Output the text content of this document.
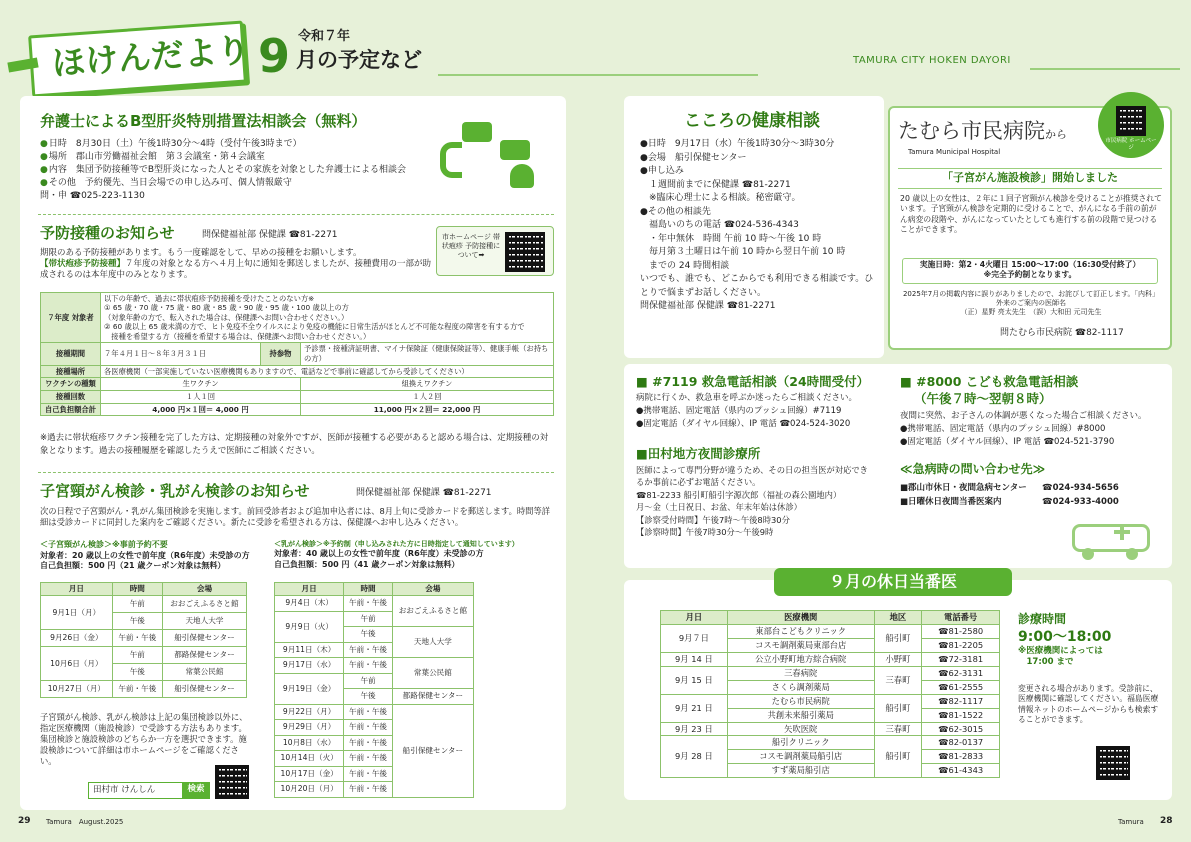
ほけんだより 9 令和７年
月の予定など	TAMURA CITY HOKEN DAYORI
弁護士によるB型肝炎特別措置法相談会（無料）
● 日時　8月30日（土）午後1時30分～4時（受付午後3時まで）
● 場所　郡山市労働福祉会館　第３会議室・第４会議室
● 内容　集団予防接種等でB型肝炎になった人とその家族を対象とした弁護士による相談会
● その他　予約優先、当日会場での申し込み可、個人情報厳守
問・申 ☎025-223-1130
予防接種のお知らせ	問保健福祉部 保健課 ☎81-2271	市ホームページ 帯状疱疹 予防接種に ついて➡
期限のある予防接種があります。もう一度確認をして、早めの接種をお願いします。
【帯状疱疹予防接種】７年度の対象となる方へ４月上旬に通知を郵送しましたが、接種費用の一部が助成されるのは本年度中のみとなります。
７年度 対象者	以下の年齢で、過去に帯状疱疹予防接種を受けたことのない方※
① 65 歳・70 歳・75 歳・80 歳・85 歳・90 歳・95 歳・100 歳以上の方
（対象年齢の方で、転入された場合は、保健課へお問い合わせください。）
② 60 歳以上 65 歳未満の方で、ヒト免疫不全ウイルスにより免疫の機能に日常生活がほとんど不可能な程度の障害を有する方で
　接種を希望する方（接種を希望する場合は、保健課へお問い合わせください。）		

接種期間	７年４月１日～８年３月３１日	持参物	予診票・接種済証明書、マイナ保険証（健康保険証等）、健康手帳（お持ちの方）
接種場所	各医療機関（一部実施していない医療機関もありますので、電話などで事前に確認してから受診してください）		
ワクチンの種類	生ワクチン		組換えワクチン
接種回数	１人１回		１人２回
自己負担額合計	4,000 円×１回＝ 4,000 円		11,000 円×２回＝ 22,000 円
※過去に帯状疱疹ワクチン接種を完了した方は、定期接種の対象外ですが、医師が接種する必要があると認める場合は、定期接種の対象となります。過去の接種履歴を確認したうえで医師にご相談ください。
子宮頸がん検診・乳がん検診のお知らせ	問保健福祉部 保健課 ☎81-2271
次の日程で子宮頸がん・乳がん集団検診を実施します。前回受診者および追加申込者には、8月上旬に受診カードを郵送します。時間等詳細は受診カードに同封した案内をご確認ください。新たに受診を希望される方は、保健課へお申し込みください。
＜子宮頸がん検診＞※事前予約不要
対象者：20 歳以上の女性で前年度（R6年度）未受診の方
自己負担額：500 円（21 歳クーポン対象は無料）
＜乳がん検診＞※予約制（申し込みされた方に日時指定して通知しています）
対象者：40 歳以上の女性で前年度（R6年度）未受診の方
自己負担額：500 円（41 歳クーポン対象は無料）
月日	時間	会場
9月1日（月）	午前	おおごえふるさと館
	午後	天地人大学
9月26日（金）	午前・午後	船引保健センター
10月6日（月）	午前	都路保健センター
	午後	常葉公民館
10月27日（月）	午前・午後	船引保健センター
月日	時間	会場
9月4日（木）	午前・午後	おおごえふるさと館
9月9日（火）	午前	
	午後	天地人大学
9月11日（木）	午前・午後	
9月17日（水）	午前・午後	常葉公民館
9月19日（金）	午前	
	午後	都路保健センター
9月22日（月）	午前・午後	船引保健センター
9月29日（月）	午前・午後	
10月8日（水）	午前・午後	
10月14日（火）	午前・午後	
10月17日（金）	午前・午後	
10月20日（月）	午前・午後	
子宮頸がん検診、乳がん検診は上記の集団検診以外に、指定医療機関（施設検診）で受診する方法もあります。集団検診と施設検診のどちらか一方を選択できます。施設検診について詳細は市ホームページをご確認ください。
田村市 けんしん	検索
こころの健康相談
●日時　9月17日（水）午後1時30分～3時30分
●会場　船引保健センター
●申し込み
　１週間前までに保健課 ☎81-2271
　※臨床心理士による相談。秘密厳守。
●その他の相談先
　福島いのちの電話 ☎024-536-4343
　・年中無休　時間 午前 10 時～午後 10 時
　毎月第３土曜日は午前 10 時から翌日午前 10 時
　までの 24 時間相談
いつでも、誰でも、どこからでも利用できる相談です。ひとりで悩まずお話しください。
問保健福祉部 保健課 ☎81-2271
たむら市民病院から
Tamura Municipal Hospital
市民病院 ホームページ
「子宮がん施設検診」開始しました
20 歳以上の女性は、２年に１回子宮頸がん検診を受けることが推奨されています。子宮頸がん検診を定期的に受けることで、がんになる手前の前がん病変の段階や、がんになっていたとしても進行する前の段階で見つけることができます。
実施日時：第2・4火曜日 15:00～17:00（16:30受付終了）
※完全予約制となります。
2025年7月の掲載内容に誤りがありましたので、お詫びして訂正します。「内科」外来のご案内の医師名
（正）星野 亮太先生　（誤）大和田 元司先生
問たむら市民病院 ☎82-1117
■ #7119 救急電話相談（24時間受付）
病院に行くか、救急車を呼ぶか迷ったらご相談ください。
●携帯電話、固定電話（県内のプッシュ回線）#7119
●固定電話（ダイヤル回線）、IP 電話 ☎024-524-3020
■ #8000 こども救急電話相談
（午後７時～翌朝８時）
夜間に突然、お子さんの体調が悪くなった場合ご相談ください。
●携帯電話、固定電話（県内のプッシュ回線）#8000
●固定電話（ダイヤル回線）、IP 電話 ☎024-521-3790
■田村地方夜間診療所
医師によって専門分野が違うため、その日の担当医が対応できるか事前に必ずお電話ください。
☎81-2233 船引町船引字源次郎（福祉の森公園地内）
月～金（土日祝日、お盆、年末年始は休診）
【診察受付時間】午後7時～午後8時30分
【診察時間】午後7時30分～午後9時
≪急病時の問い合わせ先≫
■郡山市休日・夜間急病センター ☎024-934-5656
■日曜休日夜間当番医案内	☎024-933-4000
９月の休日当番医
月日	医療機関	地区	電話番号
9月７日	東部台こどもクリニック	船引町	☎81-2580
	コスモ調剤薬局東部台店		☎81-2205
9月 14 日	公立小野町地方綜合病院	小野町	☎72-3181
9月 15 日	三春病院	三春町	☎62-3131
	さくら調剤薬局		☎61-2555
9月 21 日	たむら市民病院	船引町	☎82-1117
	共創未来船引薬局		☎81-1522
9月 23 日	矢吹医院	三春町	☎62-3015
9月 28 日	船引クリニック	船引町	☎82-0137
	コスモ調剤薬局船引店		☎81-2833
	すず薬局船引店		☎61-4343
診療時間
9:00～18:00
※医療機関によっては
　17:00 まで
変更される場合があります。受診前に、医療機関に確認してください。福島医療情報ネットのホームページからも検索することができます。
29 Tamura　August.2025	Tamura 28
